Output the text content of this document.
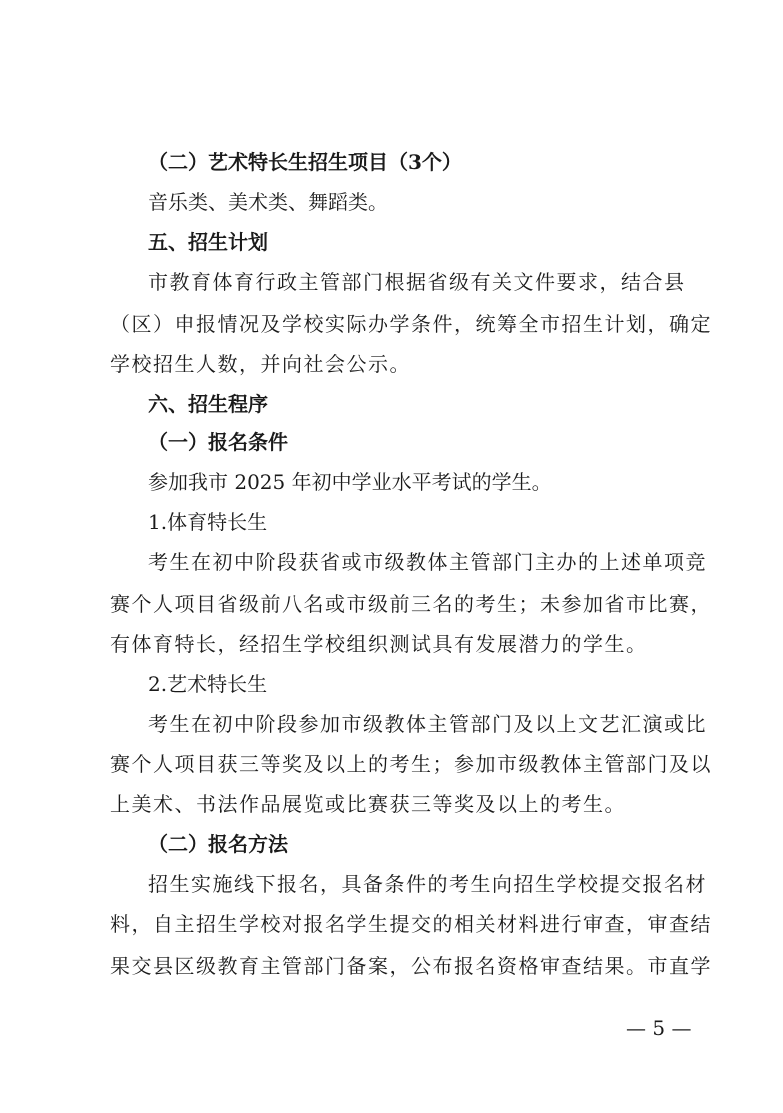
（二）艺术特长生招生项目（3个）
音乐类、美术类、舞蹈类。
五、招生计划
市教育体育行政主管部门根据省级有关文件要求，结合县
（区）申报情况及学校实际办学条件，统筹全市招生计划，确定
学校招生人数，并向社会公示。
六、招生程序
（一）报名条件
参加我市 2025 年初中学业水平考试的学生。
1.体育特长生
考生在初中阶段获省或市级教体主管部门主办的上述单项竞
赛个人项目省级前八名或市级前三名的考生；未参加省市比赛，
有体育特长，经招生学校组织测试具有发展潜力的学生。
2.艺术特长生
考生在初中阶段参加市级教体主管部门及以上文艺汇演或比
赛个人项目获三等奖及以上的考生；参加市级教体主管部门及以
上美术、书法作品展览或比赛获三等奖及以上的考生。
（二）报名方法
招生实施线下报名，具备条件的考生向招生学校提交报名材
料，自主招生学校对报名学生提交的相关材料进行审查，审查结
果交县区级教育主管部门备案，公布报名资格审查结果。市直学
— 5 —
